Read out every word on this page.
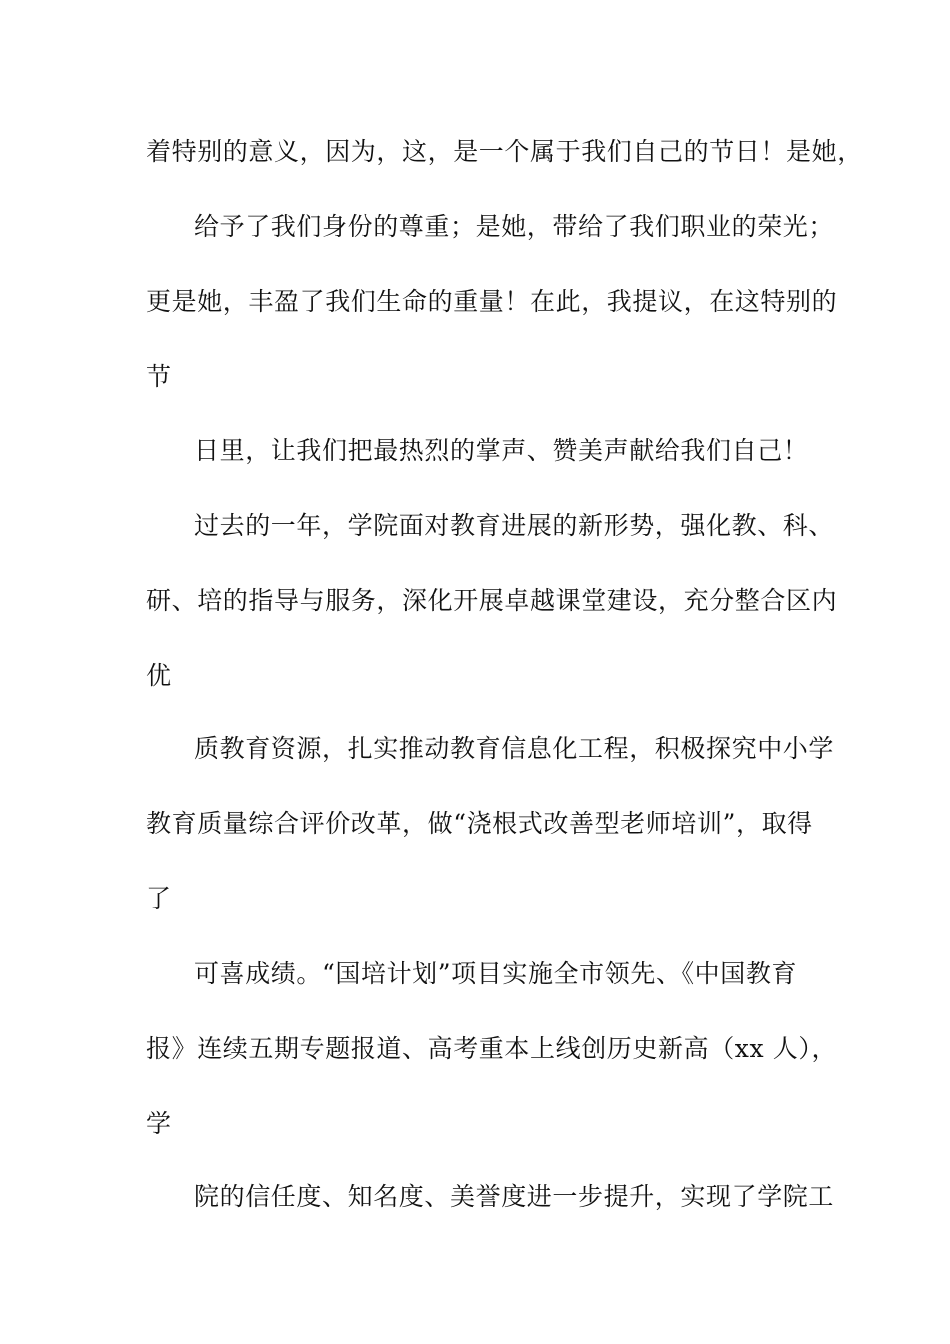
着特别的意义，因为，这，是一个属于我们自己的节日！是她，
给予了我们身份的尊重；是她，带给了我们职业的荣光；
更是她，丰盈了我们生命的重量！在此，我提议，在这特别的
节
日里，让我们把最热烈的掌声、赞美声献给我们自己！
过去的一年，学院面对教育进展的新形势，强化教、科、
研、培的指导与服务，深化开展卓越课堂建设，充分整合区内
优
质教育资源，扎实推动教育信息化工程，积极探究中小学
教育质量综合评价改革，做“浇根式改善型老师培训”，取得
了
可喜成绩。“国培计划”项目实施全市领先、《中国教育
报》连续五期专题报道、高考重本上线创历史新高（xx 人），
学
院的信任度、知名度、美誉度进一步提升，实现了学院工
